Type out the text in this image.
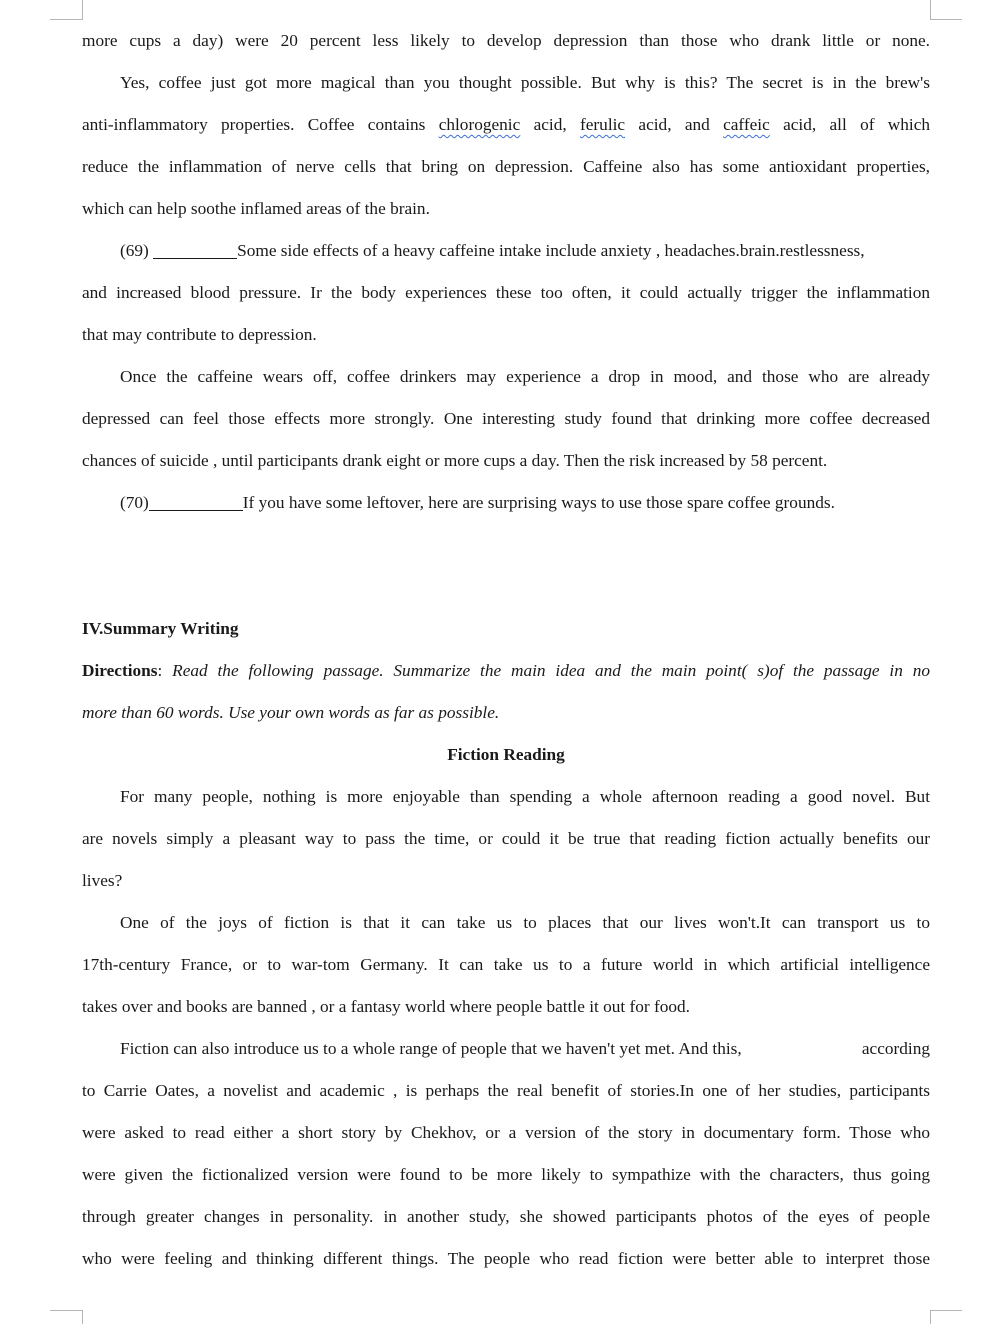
more cups a day) were 20 percent less likely to develop depression than those who drank little or none.
Yes, coffee just got more magical than you thought possible. But why is this? The secret is in the brew's
anti-inflammatory properties. Coffee contains chlorogenic acid, ferulic acid, and caffeic acid, all of which
reduce the inflammation of nerve cells that bring on depression. Caffeine also has some antioxidant properties,
which can help soothe inflamed areas of the brain.
(69)	Some side effects of a heavy caffeine intake include anxiety , headaches.brain.restlessness,
and increased blood pressure. Ir the body experiences these too often, it could actually trigger the inflammation
that may contribute to depression.
Once the caffeine wears off, coffee drinkers may experience a drop in mood, and those who are already
depressed can feel those effects more strongly. One interesting study found that drinking more coffee decreased
chances of suicide , until participants drank eight or more cups a day. Then the risk increased by 58 percent.
(70)	If you have some leftover, here are surprising ways to use those spare coffee grounds.
IV.Summary Writing
Directions: Read the following passage. Summarize the main idea and the main point( s)of the passage in no
more than 60 words. Use your own words as far as possible.
Fiction Reading
For many people, nothing is more enjoyable than spending a whole afternoon reading a good novel. But
are novels simply a pleasant way to pass the time, or could it be true that reading fiction actually benefits our
lives?
One of the joys of fiction is that it can take us to places that our lives won't.It can transport us to
17th-century France, or to war-tom Germany. It can take us to a future world in which artificial intelligence
takes over and books are banned , or a fantasy world where people battle it out for food.
Fiction can also introduce us to a whole range of people that we haven't yet met. And this,	according
to Carrie Oates, a novelist and academic , is perhaps the real benefit of stories.In one of her studies, participants
were asked to read either a short story by Chekhov, or a version of the story in documentary form. Those who
were given the fictionalized version were found to be more likely to sympathize with the characters, thus going
through greater changes in personality. in another study, she showed participants photos of the eyes of people
who were feeling and thinking different things. The people who read fiction were better able to interpret those
